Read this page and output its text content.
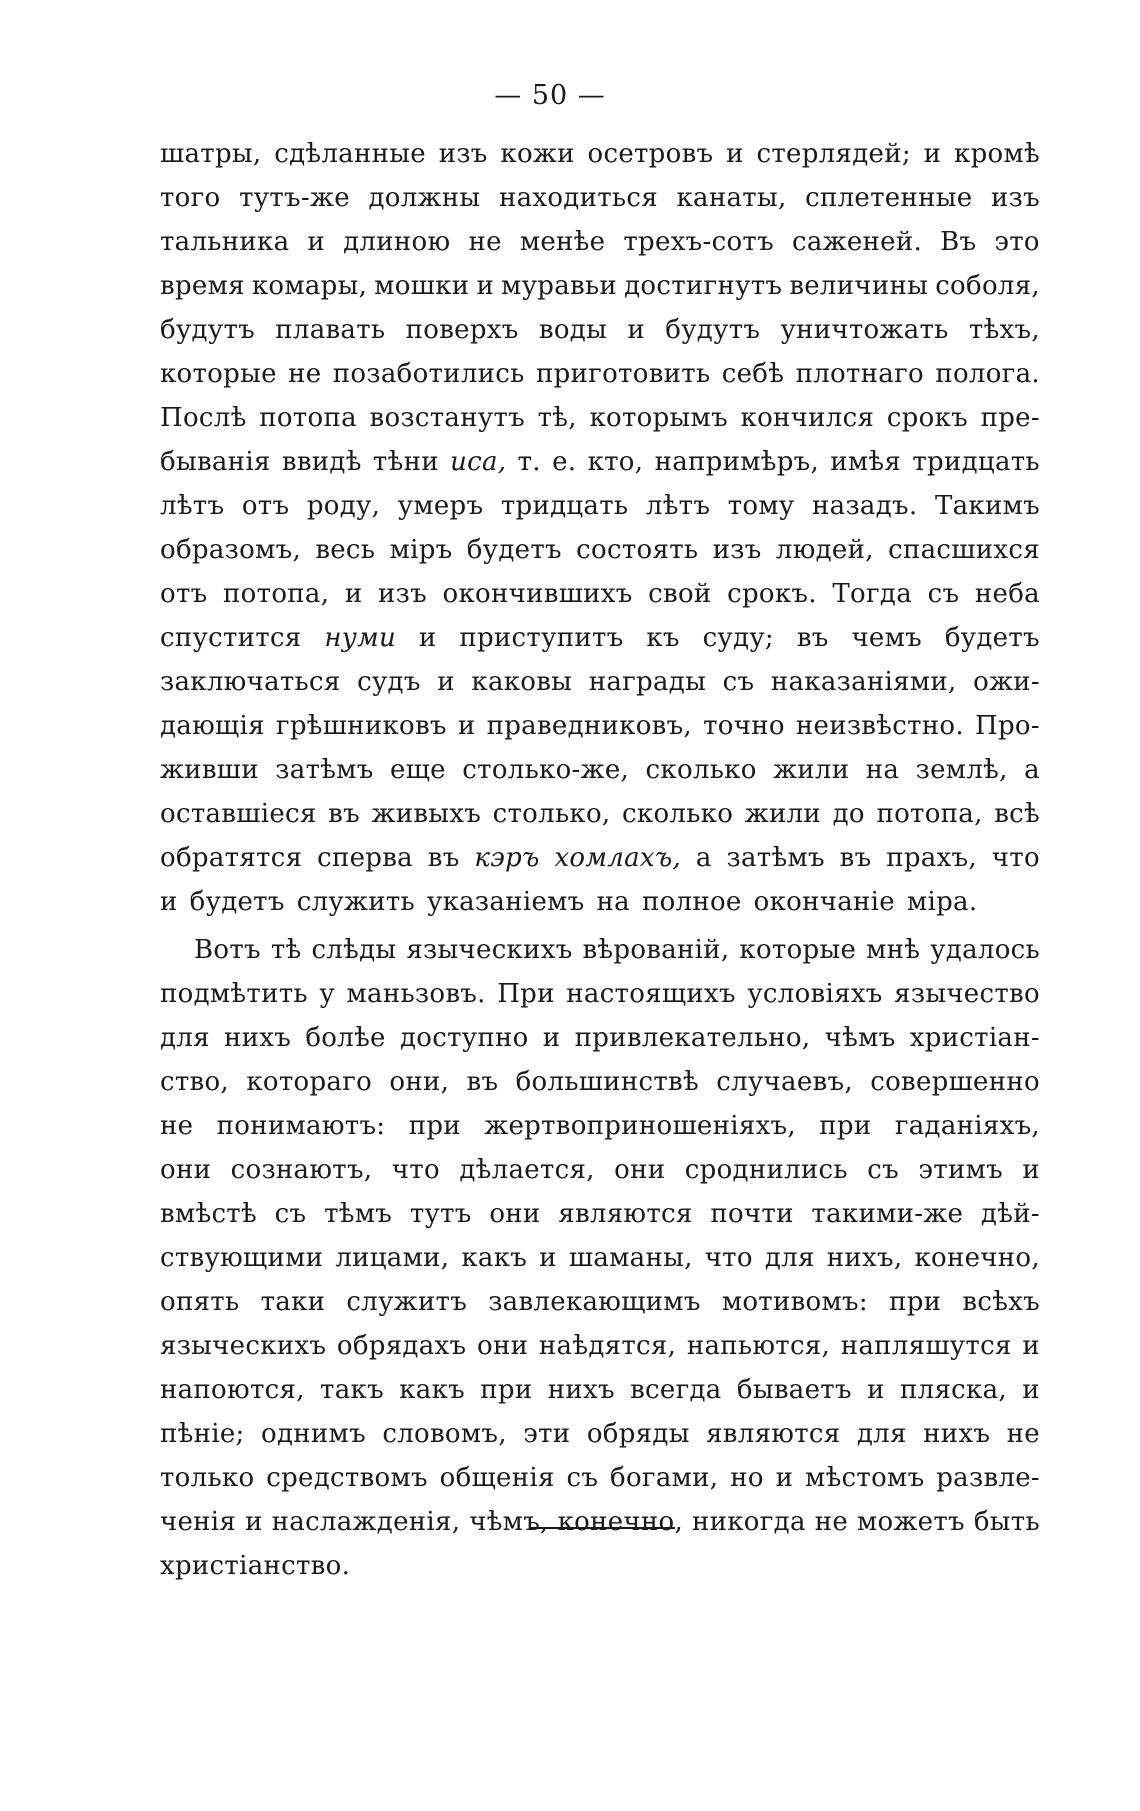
— 50 —
шатры, сдѣланные изъ кожи осетровъ и стерлядей; и кромѣ
того тутъ-же должны находиться канаты, сплетенные изъ
тальника и длиною не менѣе трехъ-сотъ саженей. Въ это
время комары, мошки и муравьи достигнутъ величины соболя,
будутъ плавать поверхъ воды и будутъ уничтожать тѣхъ,
которые не позаботились приготовить себѣ плотнаго полога.
Послѣ потопа возстанутъ тѣ, которымъ кончился срокъ пре-
быванія ввидѣ тѣни иса, т. е. кто, напримѣръ, имѣя тридцать
лѣтъ отъ роду, умеръ тридцать лѣтъ тому назадъ. Такимъ
образомъ, весь міръ будетъ состоять изъ людей, спасшихся
отъ потопа, и изъ окончившихъ свой срокъ. Тогда съ неба
спустится нуми и приступитъ къ суду; въ чемъ будетъ
заключаться судъ и каковы награды съ наказаніями, ожи-
дающія грѣшниковъ и праведниковъ, точно неизвѣстно. Про-
живши затѣмъ еще столько-же, сколько жили на землѣ, а
оставшіеся въ живыхъ столько, сколько жили до потопа, всѣ
обратятся сперва въ кэръ хомлахъ, а затѣмъ въ прахъ, что
и будетъ служить указаніемъ на полное окончаніе міра.
Вотъ тѣ слѣды языческихъ вѣрованій, которые мнѣ удалось
подмѣтить у маньзовъ. При настоящихъ условіяхъ язычество
для нихъ болѣе доступно и привлекательно, чѣмъ христіан-
ство, котораго они, въ большинствѣ случаевъ, совершенно
не понимаютъ: при жертвоприношеніяхъ, при гаданіяхъ,
они сознаютъ, что дѣлается, они сроднились съ этимъ и
вмѣстѣ съ тѣмъ тутъ они являются почти такими-же дѣй-
ствующими лицами, какъ и шаманы, что для нихъ, конечно,
опять таки служитъ завлекающимъ мотивомъ: при всѣхъ
языческихъ обрядахъ они наѣдятся, напьются, напляшутся и
напоются, такъ какъ при нихъ всегда бываетъ и пляска, и
пѣніе; однимъ словомъ, эти обряды являются для нихъ не
только средствомъ общенія съ богами, но и мѣстомъ развле-
ченія и наслажденія, чѣмъ, конечно, никогда не можетъ быть
христіанство.
